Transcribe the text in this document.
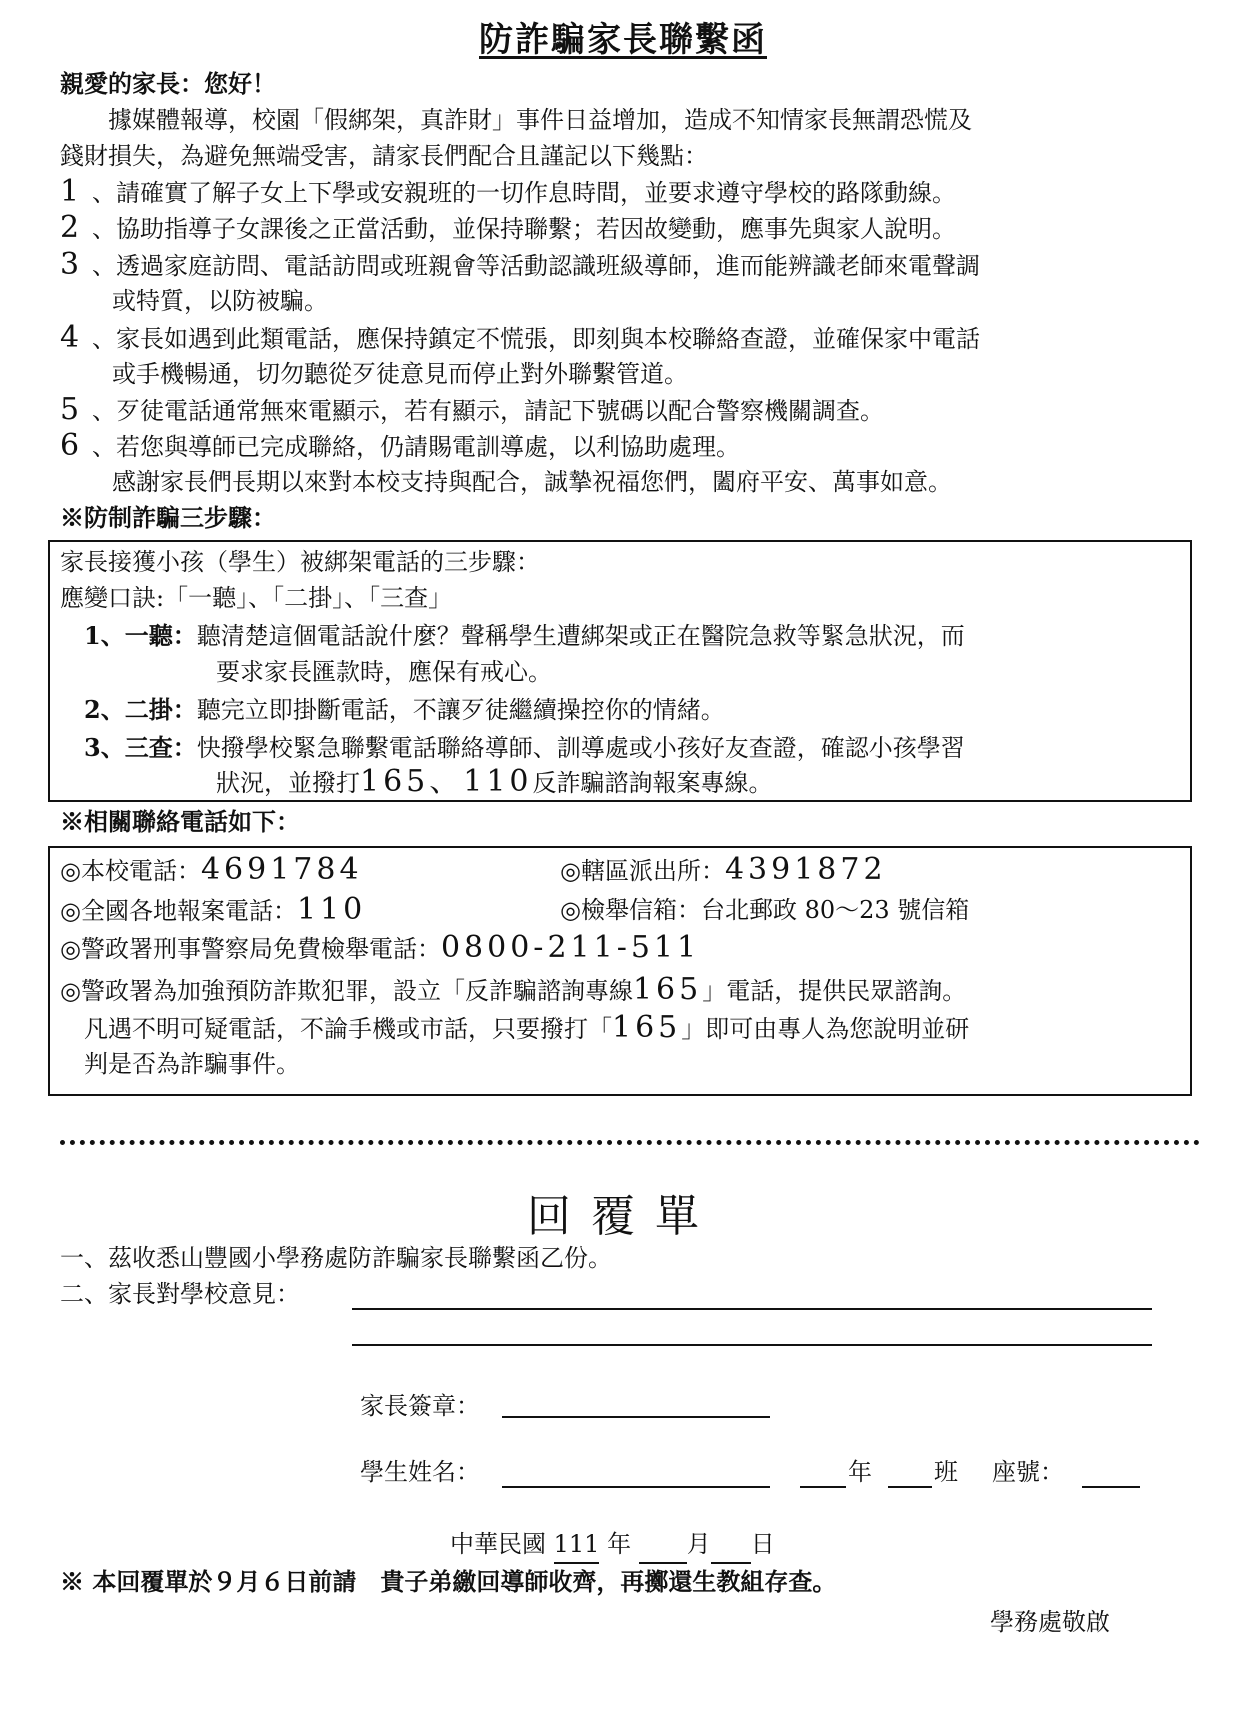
防詐騙家長聯繫函
親愛的家長：您好！
據媒體報導，校園「假綁架，真詐財」事件日益增加，造成不知情家長無謂恐慌及
錢財損失，為避免無端受害，請家長們配合且謹記以下幾點：
1 、請確實了解子女上下學或安親班的一切作息時間，並要求遵守學校的路隊動線。
2 、協助指導子女課後之正當活動，並保持聯繫；若因故變動，應事先與家人說明。
3 、透過家庭訪問、電話訪問或班親會等活動認識班級導師，進而能辨識老師來電聲調
或特質，以防被騙。
4 、家長如遇到此類電話，應保持鎮定不慌張，即刻與本校聯絡查證，並確保家中電話
或手機暢通，切勿聽從歹徒意見而停止對外聯繫管道。
5 、歹徒電話通常無來電顯示，若有顯示，請記下號碼以配合警察機關調查。
6 、若您與導師已完成聯絡，仍請賜電訓導處，以利協助處理。
感謝家長們長期以來對本校支持與配合，誠摯祝福您們，闔府平安、萬事如意。
※防制詐騙三步驟：
家長接獲小孩（學生）被綁架電話的三步驟：
應變口訣:「一聽」、「二掛」、「三查」
1、一聽：聽清楚這個電話說什麼？聲稱學生遭綁架或正在醫院急救等緊急狀況，而
要求家長匯款時，應保有戒心。
2、二掛：聽完立即掛斷電話，不讓歹徒繼續操控你的情緒。
3、三查：快撥學校緊急聯繫電話聯絡導師、訓導處或小孩好友查證，確認小孩學習
狀況，並撥打165、110反詐騙諮詢報案專線。
※相關聯絡電話如下：
◎本校電話：4691784	◎轄區派出所：4391872
◎全國各地報案電話：110	◎檢舉信箱：台北郵政 80～23 號信箱
◎警政署刑事警察局免費檢舉電話：0800-211-511
◎警政署為加強預防詐欺犯罪，設立「反詐騙諮詢專線165」電話，提供民眾諮詢。
凡遇不明可疑電話，不論手機或市話，只要撥打「165」即可由專人為您說明並研
判是否為詐騙事件。
回覆單
一、茲收悉山豐國小學務處防詐騙家長聯繫函乙份。
二、家長對學校意見：
家長簽章：
學生姓名：	年	班 座號：
中華民國 111 年 月 日
※ 本回覆單於９月６日前請　貴子弟繳回導師收齊，再擲還生教組存查。
學務處敬啟
